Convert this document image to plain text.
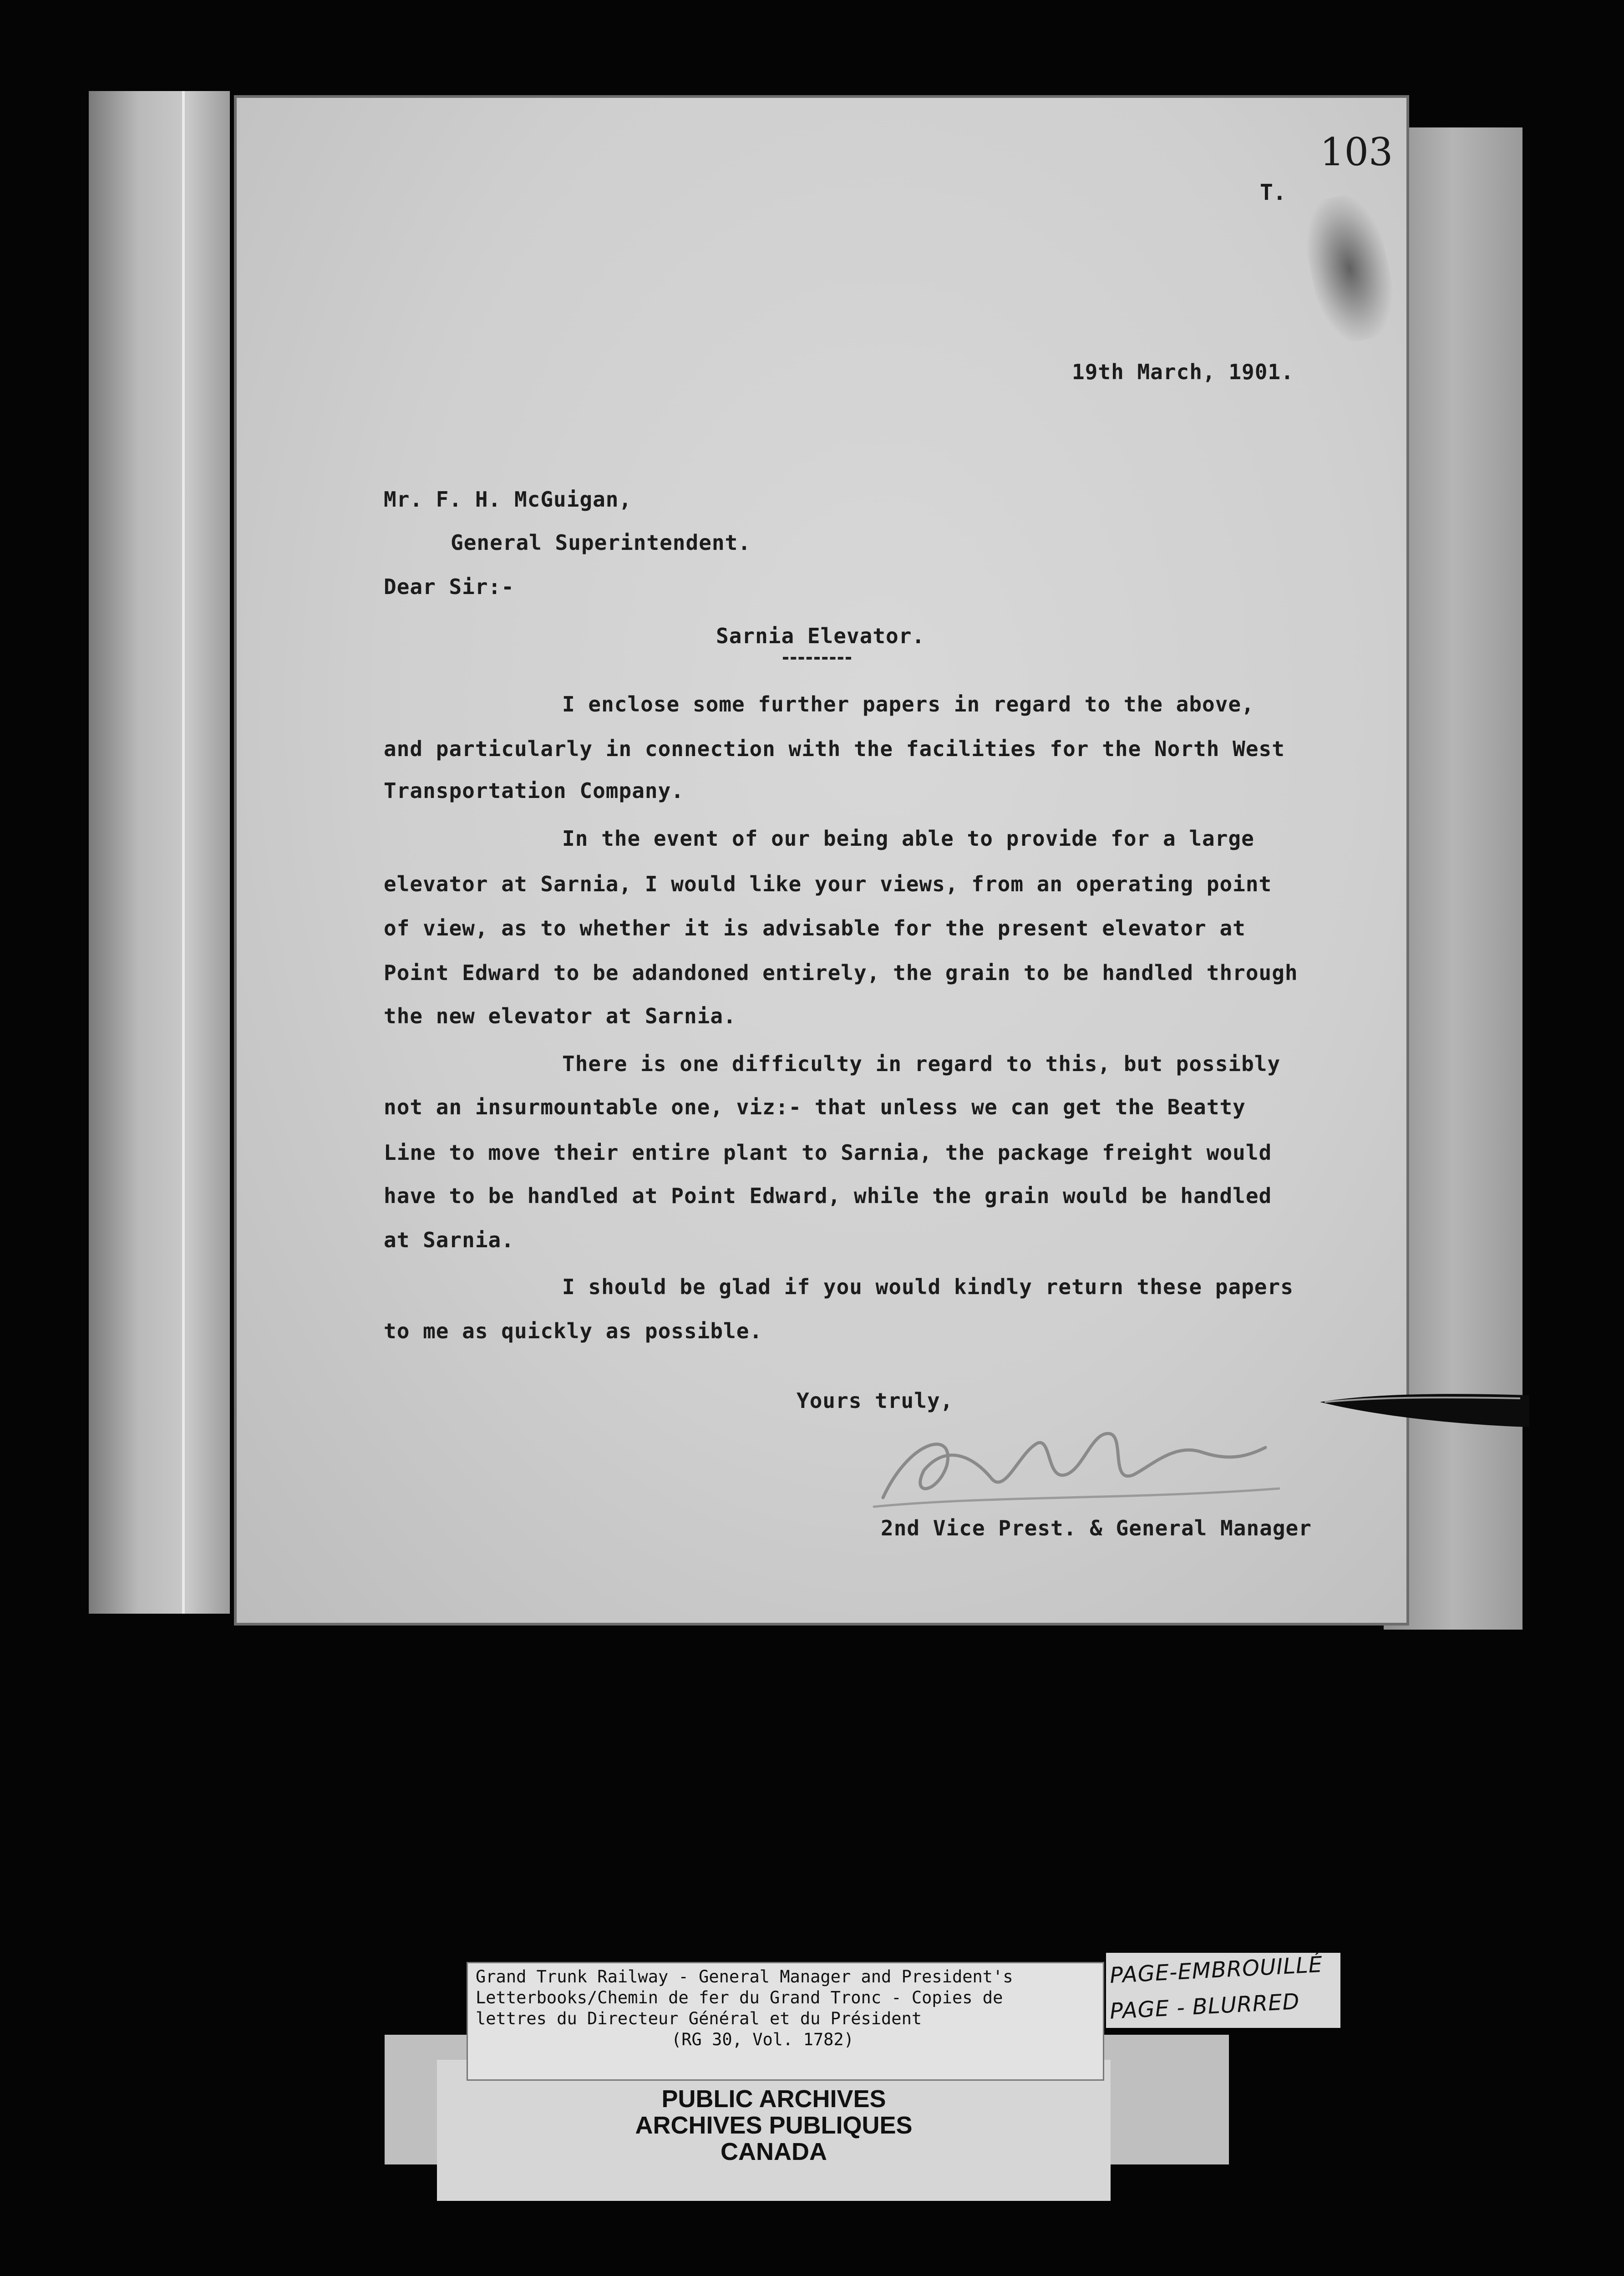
103
T.
19th March, 1901.
Mr. F. H. McGuigan,
General Superintendent.
Dear Sir:-
Sarnia Elevator.
I enclose some further papers in regard to the above,
and particularly in connection with the facilities for the North West
Transportation Company.
In the event of our being able to provide for a large
elevator at Sarnia, I would like your views, from an operating point
of view, as to whether it is advisable for the present elevator at
Point Edward to be adandoned entirely, the grain to be handled through
the new elevator at Sarnia.
There is one difficulty in regard to this, but possibly
not an insurmountable one, viz:- that unless we can get the Beatty
Line to move their entire plant to Sarnia, the package freight would
have to be handled at Point Edward, while the grain would be handled
at Sarnia.
I should be glad if you would kindly return these papers
to me as quickly as possible.
Yours truly,
2nd Vice Prest. & General Manager
PUBLIC ARCHIVES
ARCHIVES PUBLIQUES
CANADA
Grand Trunk Railway - General Manager and President's
Letterbooks/Chemin de fer du Grand Tronc - Copies de
lettres du Directeur Général et du Président
(RG 30, Vol. 1782)
PAGE-EMBROUILLÉ
PAGE - BLURRED
